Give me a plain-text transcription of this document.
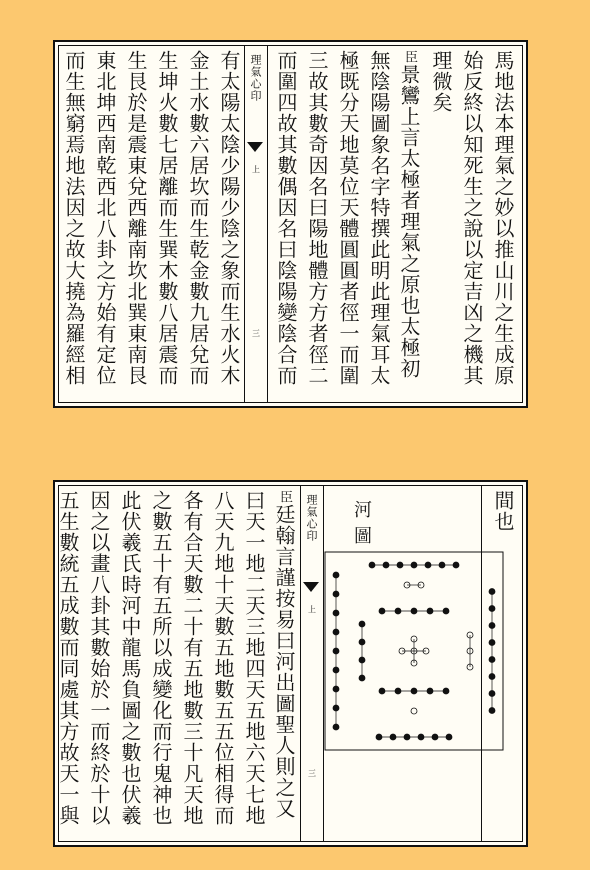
馬地法本理氣之妙以推山川之生成原
始反終以知死生之說以定吉凶之機其
理微矣
臣景鸞上言太極者理氣之原也太極初
無陰陽圖象名字特撰此明此理氣耳太
極既分天地莫位天體圓圓者徑一而圍
三故其數奇因名曰陽地體方方者徑二
而圍四故其數偶因名曰陰陽變陰合而
理氣心印
上
三
有太陽太陰少陽少陰之象而生水火木
金土水數六居坎而生乾金數九居兌而
生坤火數七居離而生巽木數八居震而
生艮於是震東兌西離南坎北巽東南艮
東北坤西南乾西北八卦之方始有定位
而生無窮焉地法因之故大撓為羅經相
間也
河圖
理氣心印
上
三
臣廷翰言謹按易曰河出圖聖人則之又
曰天一地二天三地四天五地六天七地
八天九地十天數五地數五五位相得而
各有合天數二十有五地數三十凡天地
之數五十有五所以成變化而行鬼神也
此伏羲氏時河中龍馬負圖之數也伏羲
因之以畫八卦其數始於一而終於十以
五生數統五成數而同處其方故天一與
